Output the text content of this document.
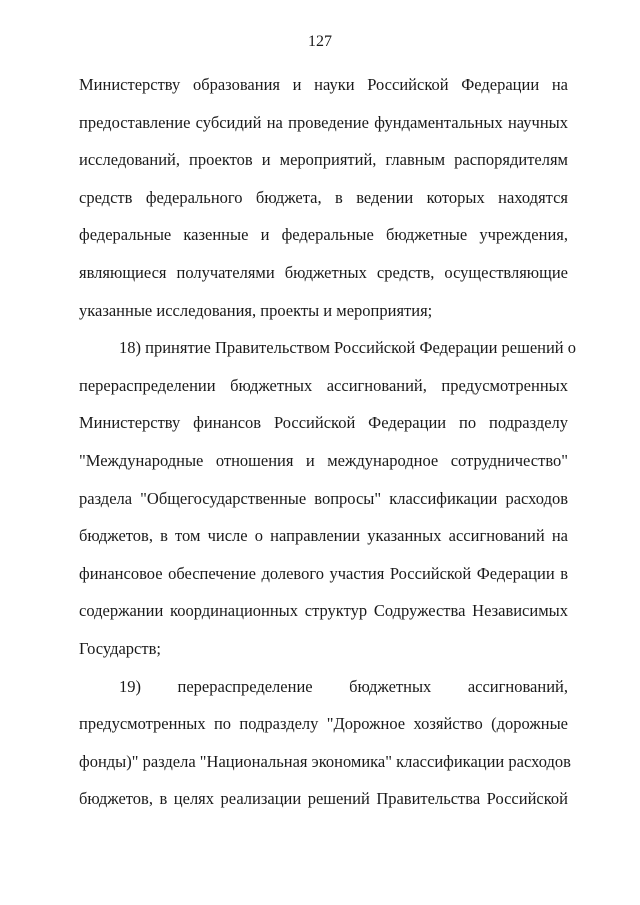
127
Министерству образования и науки Российской Федерации на
предоставление субсидий на проведение фундаментальных научных
исследований, проектов и мероприятий, главным распорядителям
средств федерального бюджета, в ведении которых находятся
федеральные казенные и федеральные бюджетные учреждения,
являющиеся получателями бюджетных средств, осуществляющие
указанные исследования, проекты и мероприятия;
18) принятие Правительством Российской Федерации решений о
перераспределении бюджетных ассигнований, предусмотренных
Министерству финансов Российской Федерации по подразделу
"Международные отношения и международное сотрудничество"
раздела "Общегосударственные вопросы" классификации расходов
бюджетов, в том числе о направлении указанных ассигнований на
финансовое обеспечение долевого участия Российской Федерации в
содержании координационных структур Содружества Независимых
Государств;
19) перераспределение бюджетных ассигнований,
предусмотренных по подразделу "Дорожное хозяйство (дорожные
фонды)" раздела "Национальная экономика" классификации расходов
бюджетов, в целях реализации решений Правительства Российской
